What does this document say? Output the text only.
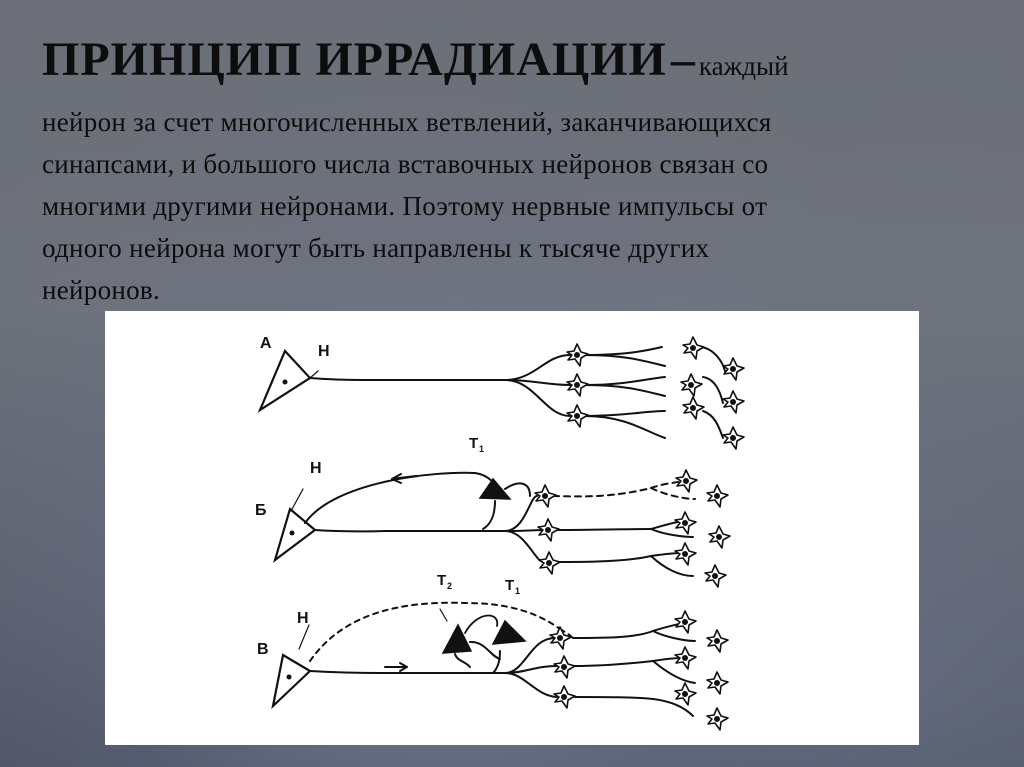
ПРИНЦИП ИРРАДИАЦИИ – каждый

нейрон за счет многочисленных ветвлений, заканчивающихся

синапсами, и большого числа вставочных нейронов связан со

многими другими нейронами. Поэтому нервные импульсы от

одного нейрона могут быть направлены к тысяче других

нейронов.

А	Н
Б
Н
T 1
В
Н
T 2	T 1
